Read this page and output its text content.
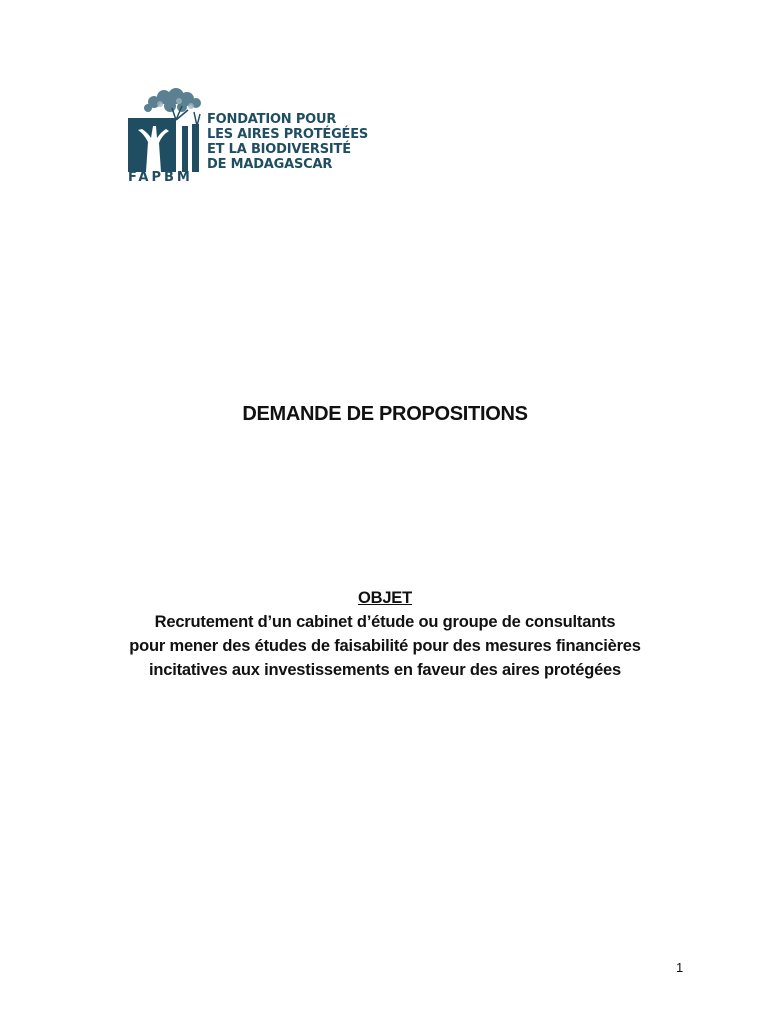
FAPBM
FONDATION POUR
LES AIRES PROTÉGÉES
ET LA BIODIVERSITÉ
DE MADAGASCAR
DEMANDE DE PROPOSITIONS
OBJET
Recrutement d’un cabinet d’étude ou groupe de consultants
pour mener des études de faisabilité pour des mesures financières
incitatives aux investissements en faveur des aires protégées
1
